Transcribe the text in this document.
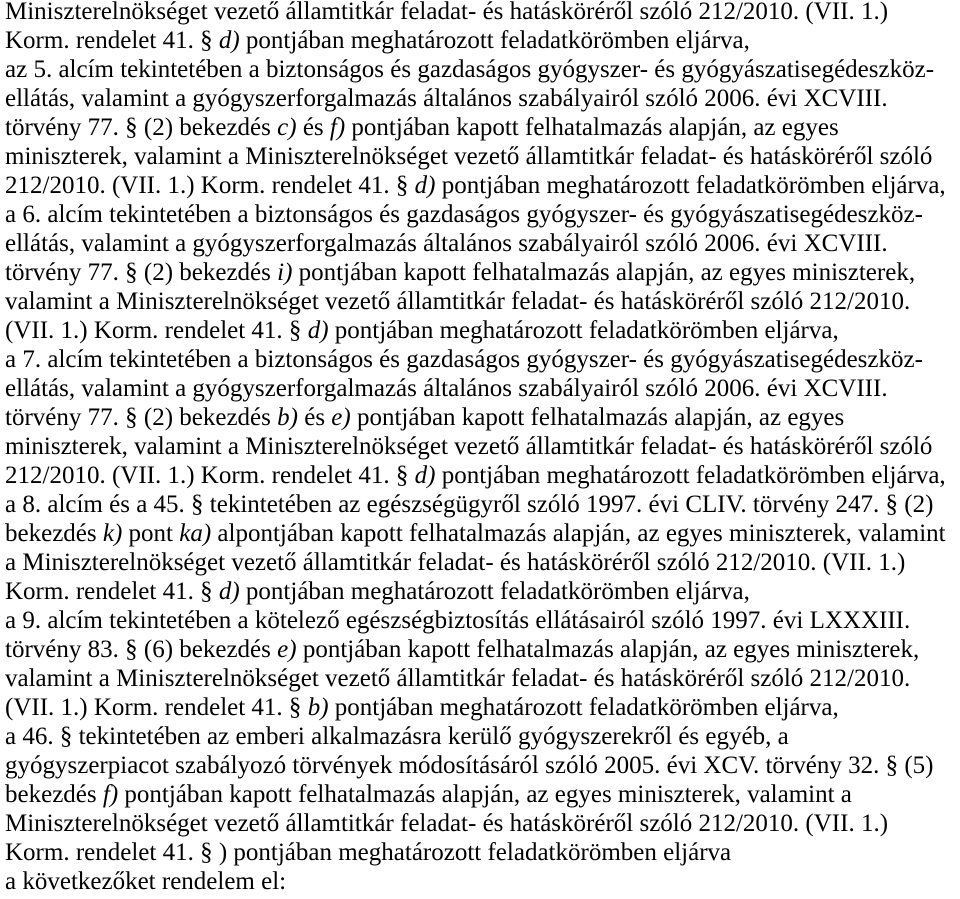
Miniszterelnökséget vezető államtitkár feladat- és hatásköréről szóló 212/2010. (VII. 1.)
Korm. rendelet 41. § d) pontjában meghatározott feladatkörömben eljárva,
az 5. alcím tekintetében a biztonságos és gazdaságos gyógyszer- és gyógyászatisegédeszköz-
ellátás, valamint a gyógyszerforgalmazás általános szabályairól szóló 2006. évi XCVIII.
törvény 77. § (2) bekezdés c) és f) pontjában kapott felhatalmazás alapján, az egyes
miniszterek, valamint a Miniszterelnökséget vezető államtitkár feladat- és hatásköréről szóló
212/2010. (VII. 1.) Korm. rendelet 41. § d) pontjában meghatározott feladatkörömben eljárva,
a 6. alcím tekintetében a biztonságos és gazdaságos gyógyszer- és gyógyászatisegédeszköz-
ellátás, valamint a gyógyszerforgalmazás általános szabályairól szóló 2006. évi XCVIII.
törvény 77. § (2) bekezdés i) pontjában kapott felhatalmazás alapján, az egyes miniszterek,
valamint a Miniszterelnökséget vezető államtitkár feladat- és hatásköréről szóló 212/2010.
(VII. 1.) Korm. rendelet 41. § d) pontjában meghatározott feladatkörömben eljárva,
a 7. alcím tekintetében a biztonságos és gazdaságos gyógyszer- és gyógyászatisegédeszköz-
ellátás, valamint a gyógyszerforgalmazás általános szabályairól szóló 2006. évi XCVIII.
törvény 77. § (2) bekezdés b) és e) pontjában kapott felhatalmazás alapján, az egyes
miniszterek, valamint a Miniszterelnökséget vezető államtitkár feladat- és hatásköréről szóló
212/2010. (VII. 1.) Korm. rendelet 41. § d) pontjában meghatározott feladatkörömben eljárva,
a 8. alcím és a 45. § tekintetében az egészségügyről szóló 1997. évi CLIV. törvény 247. § (2)
bekezdés k) pont ka) alpontjában kapott felhatalmazás alapján, az egyes miniszterek, valamint
a Miniszterelnökséget vezető államtitkár feladat- és hatásköréről szóló 212/2010. (VII. 1.)
Korm. rendelet 41. § d) pontjában meghatározott feladatkörömben eljárva,
a 9. alcím tekintetében a kötelező egészségbiztosítás ellátásairól szóló 1997. évi LXXXIII.
törvény 83. § (6) bekezdés e) pontjában kapott felhatalmazás alapján, az egyes miniszterek,
valamint a Miniszterelnökséget vezető államtitkár feladat- és hatásköréről szóló 212/2010.
(VII. 1.) Korm. rendelet 41. § b) pontjában meghatározott feladatkörömben eljárva,
a 46. § tekintetében az emberi alkalmazásra kerülő gyógyszerekről és egyéb, a
gyógyszerpiacot szabályozó törvények módosításáról szóló 2005. évi XCV. törvény 32. § (5)
bekezdés f) pontjában kapott felhatalmazás alapján, az egyes miniszterek, valamint a
Miniszterelnökséget vezető államtitkár feladat- és hatásköréről szóló 212/2010. (VII. 1.)
Korm. rendelet 41. § ) pontjában meghatározott feladatkörömben eljárva
a következőket rendelem el:
